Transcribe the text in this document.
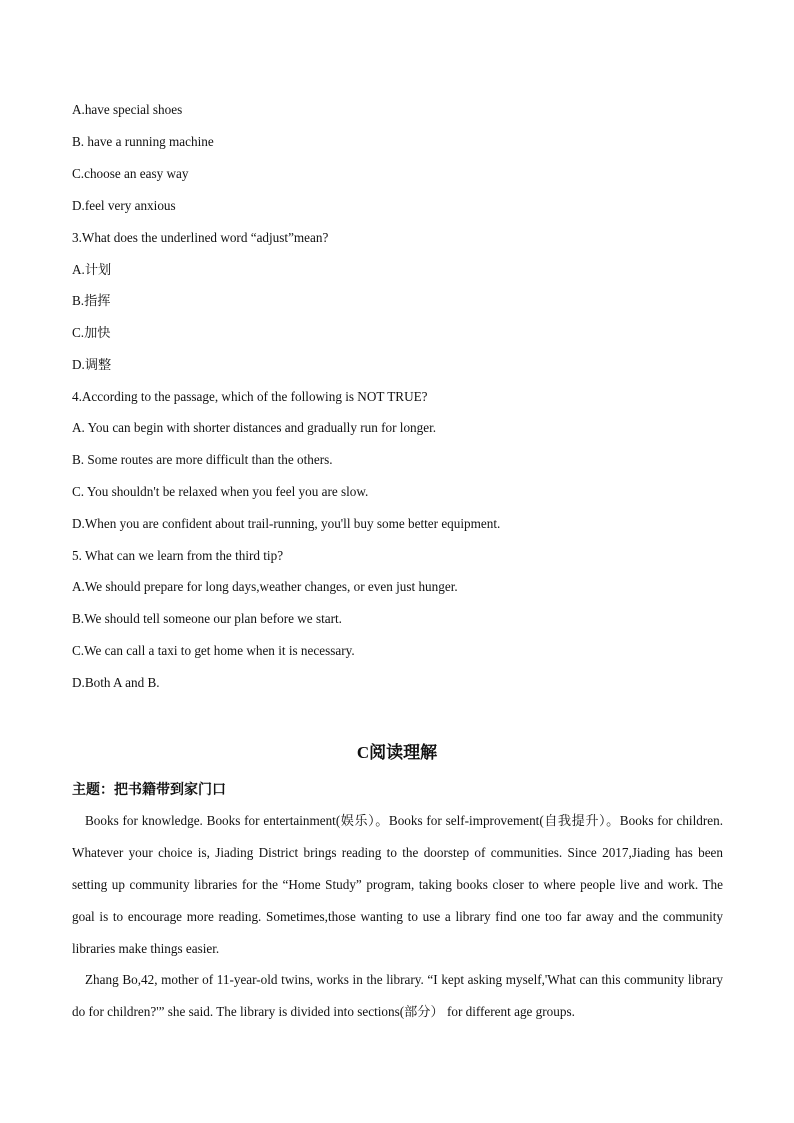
A.have special shoes
B. have a running machine
C.choose an easy way
D.feel very anxious
3.What does the underlined word “adjust”mean?
A.计划
B.指挥
C.加快
D.调整
4.According to the passage, which of the following is NOT TRUE?
A. You can begin with shorter distances and gradually run for longer.
B. Some routes are more difficult than the others.
C. You shouldn't be relaxed when you feel you are slow.
D.When you are confident about trail-running, you'll buy some better equipment.
5. What can we learn from the third tip?
A.We should prepare for long days,weather changes, or even just hunger.
B.We should tell someone our plan before we start.
C.We can call a taxi to get home when it is necessary.
D.Both A and B.
C阅读理解
主题：把书籍带到家门口
Books for knowledge. Books for entertainment(娱乐）。Books for self-improvement(自我提升）。Books for children. Whatever your choice is, Jiading District brings reading to the doorstep of communities. Since 2017,Jiading has been setting up community libraries for the “Home Study” program, taking books closer to where people live and work. The goal is to encourage more reading. Sometimes,those wanting to use a library find one too far away and the community libraries make things easier.
Zhang Bo,42, mother of 11-year-old twins, works in the library. “I kept asking myself,'What can this community library do for children?'” she said. The library is divided into sections(部分） for different age groups.
